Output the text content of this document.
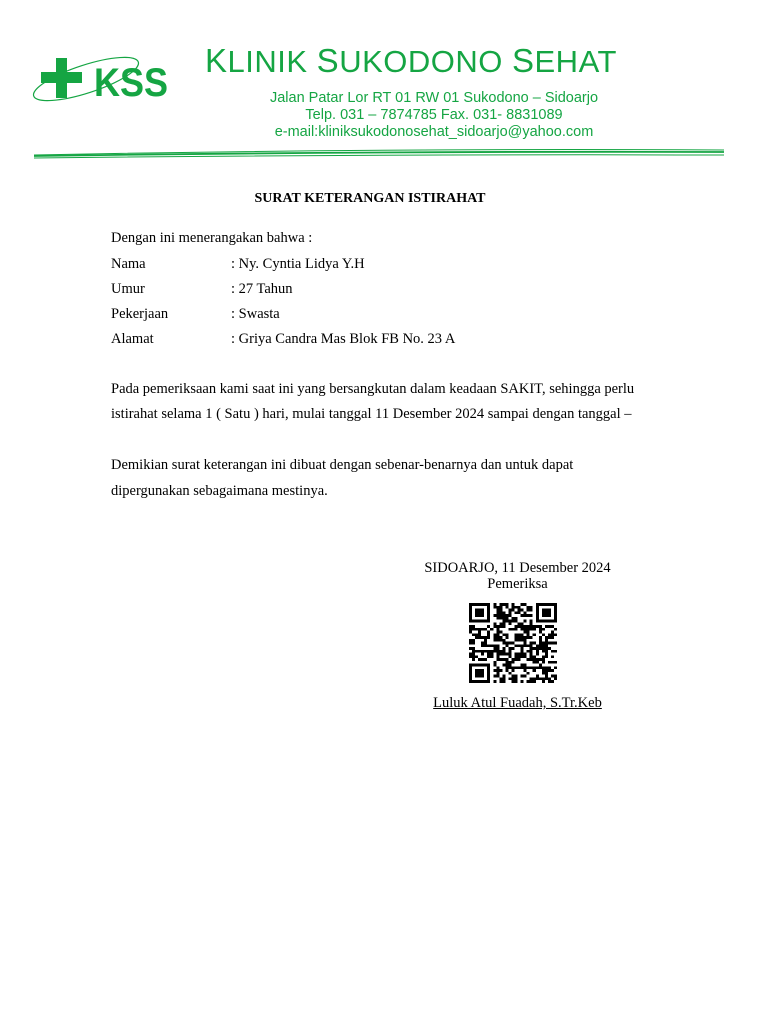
KSS
KLINIK SUKODONO SEHAT
Jalan Patar Lor RT 01 RW 01 Sukodono – Sidoarjo
Telp. 031 – 7874785 Fax. 031- 8831089
e-mail:kliniksukodonosehat_sidoarjo@yahoo.com
SURAT KETERANGAN ISTIRAHAT
Dengan ini menerangakan bahwa :
Nama	: Ny. Cyntia Lidya Y.H
Umur	: 27 Tahun
Pekerjaan	: Swasta
Alamat	: Griya Candra Mas Blok FB No. 23 A
Pada pemeriksaan kami saat ini yang bersangkutan dalam keadaan SAKIT, sehingga perlu
istirahat selama 1 ( Satu ) hari, mulai tanggal 11 Desember 2024 sampai dengan tanggal –
Demikian surat keterangan ini dibuat dengan sebenar-benarnya dan untuk dapat
dipergunakan sebagaimana mestinya.
SIDOARJO, 11 Desember 2024
Pemeriksa
Luluk Atul Fuadah, S.Tr.Keb
